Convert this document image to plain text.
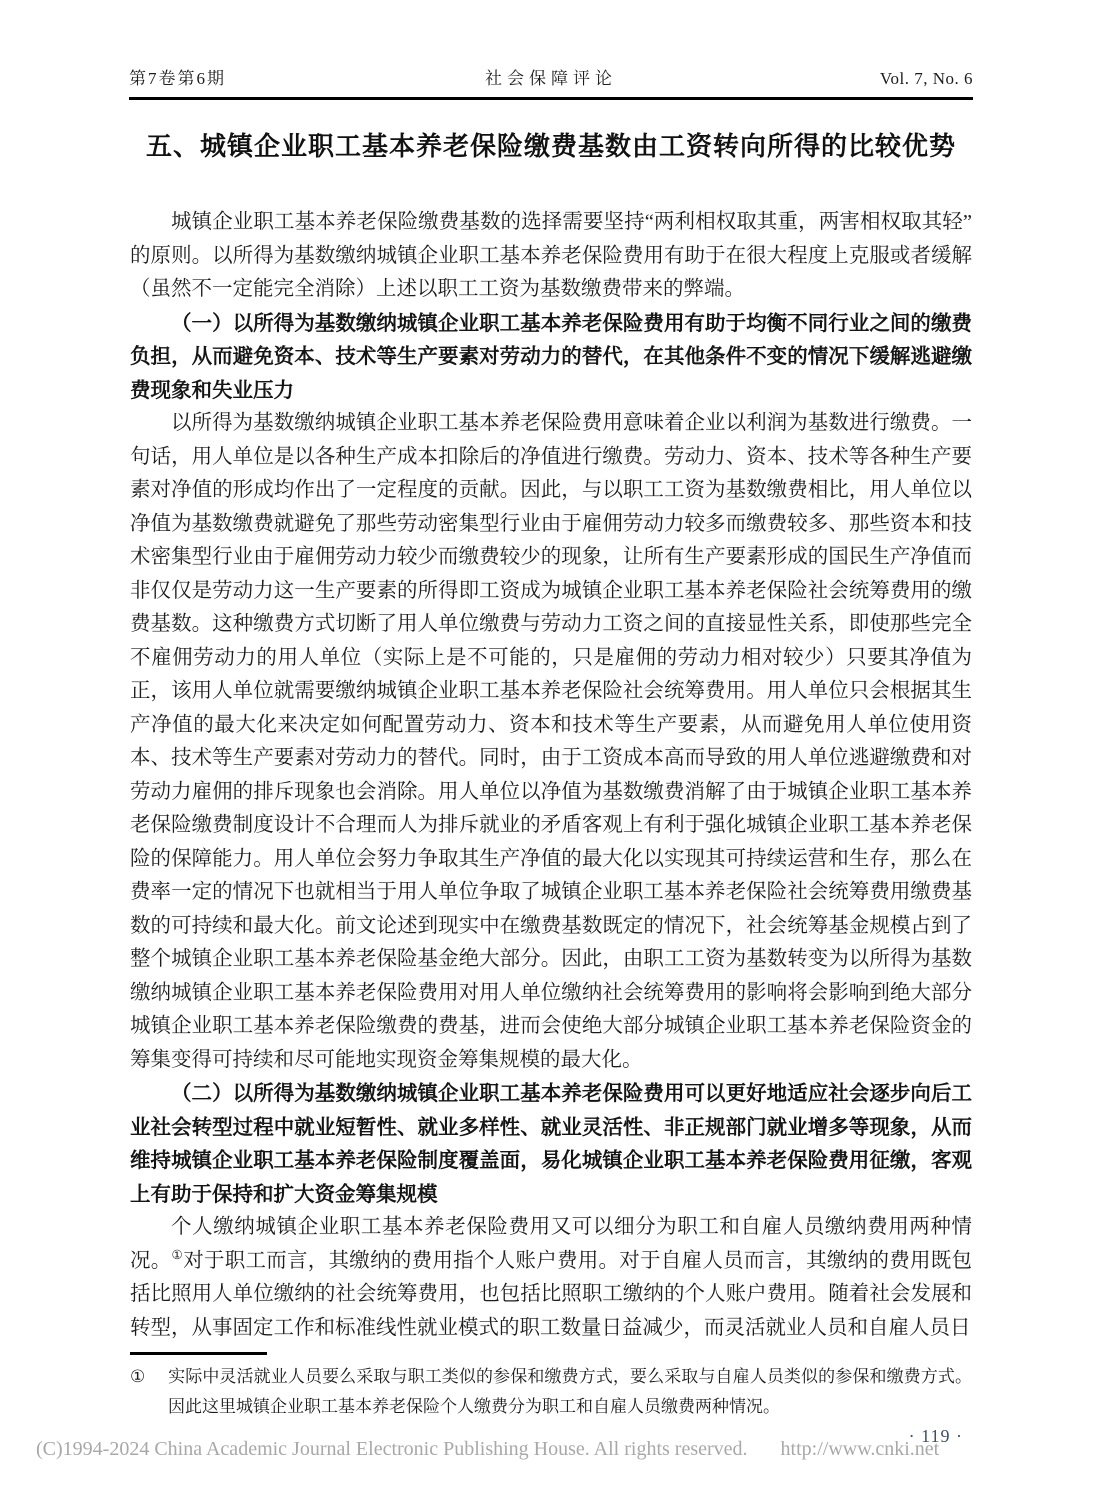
第7卷第6期	社会保障评论	Vol. 7, No. 6
五、城镇企业职工基本养老保险缴费基数由工资转向所得的比较优势

城镇企业职工基本养老保险缴费基数的选择需要坚持“两利相权取其重，两害相权取其轻”的原则。以所得为基数缴纳城镇企业职工基本养老保险费用有助于在很大程度上克服或者缓解（虽然不一定能完全消除）上述以职工工资为基数缴费带来的弊端。

（一）以所得为基数缴纳城镇企业职工基本养老保险费用有助于均衡不同行业之间的缴费负担，从而避免资本、技术等生产要素对劳动力的替代，在其他条件不变的情况下缓解逃避缴费现象和失业压力

以所得为基数缴纳城镇企业职工基本养老保险费用意味着企业以利润为基数进行缴费。一句话，用人单位是以各种生产成本扣除后的净值进行缴费。劳动力、资本、技术等各种生产要素对净值的形成均作出了一定程度的贡献。因此，与以职工工资为基数缴费相比，用人单位以净值为基数缴费就避免了那些劳动密集型行业由于雇佣劳动力较多而缴费较多、那些资本和技术密集型行业由于雇佣劳动力较少而缴费较少的现象，让所有生产要素形成的国民生产净值而非仅仅是劳动力这一生产要素的所得即工资成为城镇企业职工基本养老保险社会统筹费用的缴费基数。这种缴费方式切断了用人单位缴费与劳动力工资之间的直接显性关系，即使那些完全不雇佣劳动力的用人单位（实际上是不可能的，只是雇佣的劳动力相对较少）只要其净值为正，该用人单位就需要缴纳城镇企业职工基本养老保险社会统筹费用。用人单位只会根据其生产净值的最大化来决定如何配置劳动力、资本和技术等生产要素，从而避免用人单位使用资本、技术等生产要素对劳动力的替代。同时，由于工资成本高而导致的用人单位逃避缴费和对劳动力雇佣的排斥现象也会消除。用人单位以净值为基数缴费消解了由于城镇企业职工基本养老保险缴费制度设计不合理而人为排斥就业的矛盾客观上有利于强化城镇企业职工基本养老保险的保障能力。用人单位会努力争取其生产净值的最大化以实现其可持续运营和生存，那么在费率一定的情况下也就相当于用人单位争取了城镇企业职工基本养老保险社会统筹费用缴费基数的可持续和最大化。前文论述到现实中在缴费基数既定的情况下，社会统筹基金规模占到了整个城镇企业职工基本养老保险基金绝大部分。因此，由职工工资为基数转变为以所得为基数缴纳城镇企业职工基本养老保险费用对用人单位缴纳社会统筹费用的影响将会影响到绝大部分城镇企业职工基本养老保险缴费的费基，进而会使绝大部分城镇企业职工基本养老保险资金的筹集变得可持续和尽可能地实现资金筹集规模的最大化。

（二）以所得为基数缴纳城镇企业职工基本养老保险费用可以更好地适应社会逐步向后工业社会转型过程中就业短暂性、就业多样性、就业灵活性、非正规部门就业增多等现象，从而维持城镇企业职工基本养老保险制度覆盖面，易化城镇企业职工基本养老保险费用征缴，客观上有助于保持和扩大资金筹集规模

个人缴纳城镇企业职工基本养老保险费用又可以细分为职工和自雇人员缴纳费用两种情况。①对于职工而言，其缴纳的费用指个人账户费用。对于自雇人员而言，其缴纳的费用既包括比照用人单位缴纳的社会统筹费用，也包括比照职工缴纳的个人账户费用。随着社会发展和转型，从事固定工作和标准线性就业模式的职工数量日益减少，而灵活就业人员和自雇人员日

① 实际中灵活就业人员要么采取与职工类似的参保和缴费方式，要么采取与自雇人员类似的参保和缴费方式。因此这里城镇企业职工基本养老保险个人缴费分为职工和自雇人员缴费两种情况。

· 119 ·
(C)1994-2024 China Academic Journal Electronic Publishing House. All rights reserved. http://www.cnki.net
